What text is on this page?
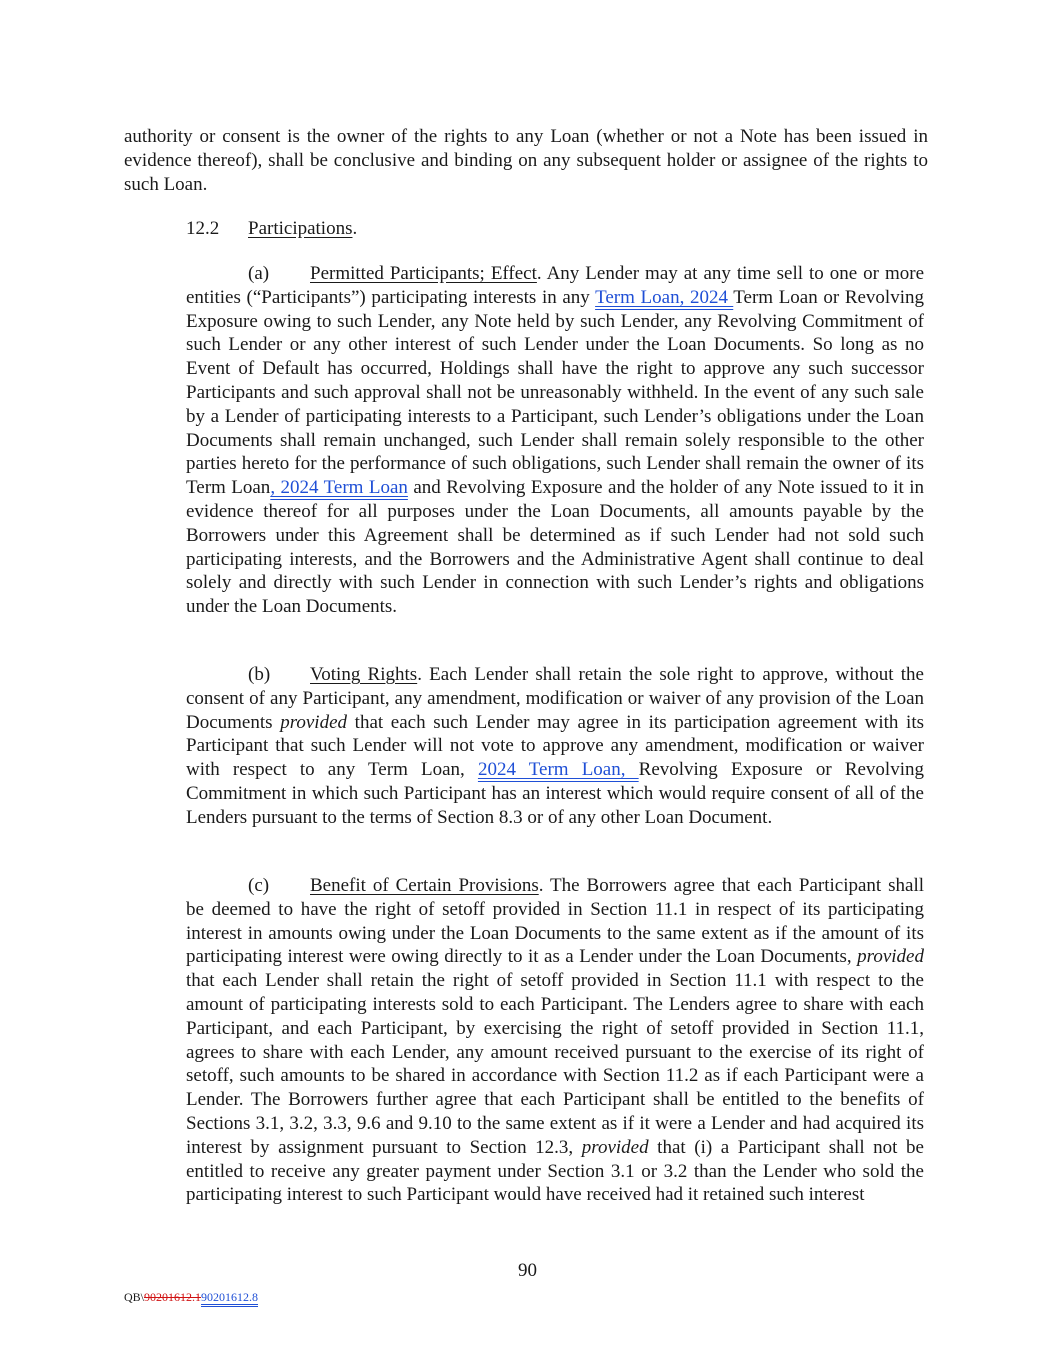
authority or consent is the owner of the rights to any Loan (whether or not a Note has been issued in evidence thereof), shall be conclusive and binding on any subsequent holder or assignee of the rights to such Loan.

12.2 Participations.

(a) Permitted Participants; Effect. Any Lender may at any time sell to one or more entities (“Participants”) participating interests in any Term Loan, 2024 Term Loan or Revolving Exposure owing to such Lender, any Note held by such Lender, any Revolving Commitment of such Lender or any other interest of such Lender under the Loan Documents. So long as no Event of Default has occurred, Holdings shall have the right to approve any such successor Participants and such approval shall not be unreasonably withheld. In the event of any such sale by a Lender of participating interests to a Participant, such Lender’s obligations under the Loan Documents shall remain unchanged, such Lender shall remain solely responsible to the other parties hereto for the performance of such obligations, such Lender shall remain the owner of its Term Loan, 2024 Term Loan and Revolving Exposure and the holder of any Note issued to it in evidence thereof for all purposes under the Loan Documents, all amounts payable by the Borrowers under this Agreement shall be determined as if such Lender had not sold such participating interests, and the Borrowers and the Administrative Agent shall continue to deal solely and directly with such Lender in connection with such Lender’s rights and obligations under the Loan Documents.

(b) Voting Rights. Each Lender shall retain the sole right to approve, without the consent of any Participant, any amendment, modification or waiver of any provision of the Loan Documents provided that each such Lender may agree in its participation agreement with its Participant that such Lender will not vote to approve any amendment, modification or waiver with respect to any Term Loan, 2024 Term Loan, Revolving Exposure or Revolving Commitment in which such Participant has an interest which would require consent of all of the Lenders pursuant to the terms of Section 8.3 or of any other Loan Document.

(c) Benefit of Certain Provisions. The Borrowers agree that each Participant shall be deemed to have the right of setoff provided in Section 11.1 in respect of its participating interest in amounts owing under the Loan Documents to the same extent as if the amount of its participating interest were owing directly to it as a Lender under the Loan Documents, provided that each Lender shall retain the right of setoff provided in Section 11.1 with respect to the amount of participating interests sold to each Participant. The Lenders agree to share with each Participant, and each Participant, by exercising the right of setoff provided in Section 11.1, agrees to share with each Lender, any amount received pursuant to the exercise of its right of setoff, such amounts to be shared in accordance with Section 11.2 as if each Participant were a Lender. The Borrowers further agree that each Participant shall be entitled to the benefits of Sections 3.1, 3.2, 3.3, 9.6 and 9.10 to the same extent as if it were a Lender and had acquired its interest by assignment pursuant to Section 12.3, provided that (i) a Participant shall not be entitled to receive any greater payment under Section 3.1 or 3.2 than the Lender who sold the participating interest to such Participant would have received had it retained such interest

90
QB\90201612.190201612.8
